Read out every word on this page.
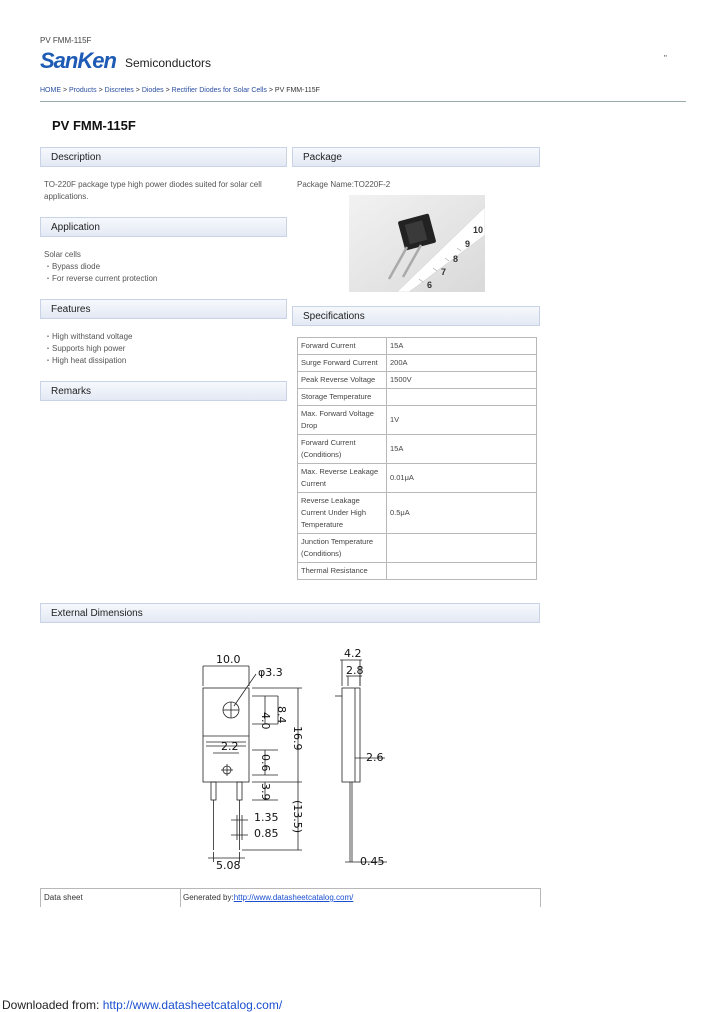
PV FMM-115F
SanKen Semiconductors	"
HOME > Products > Discretes > Diodes > Rectifier Diodes for Solar Cells > PV FMM-115F
PV FMM-115F
Description
TO-220F package type high power diodes suited for solar cell applications.
Application
Solar cells
・Bypass diode
・For reverse current protection
Features
・High withstand voltage
・Supports high power
・High heat dissipation
Remarks
Package
Package Name:TO220F-2
6
7
8
9
10
Specifications
Forward Current	15A
Surge Forward Current	200A
Peak Reverse Voltage	1500V
Storage Temperature	
Max. Forward Voltage Drop	1V
Forward Current (Conditions)	15A
Max. Reverse Leakage Current	0.01μA
Reverse Leakage Current Under High Temperature	0.5μA
Junction Temperature (Conditions)	
Thermal Resistance	
External Dimensions
10.0
φ3.3
4.0 8.4
16.9
2.2
0.6
3.9
(13.5)
1.35
0.85
5.08
4.2
2.8
2.6
0.45
Data sheet	Generated by:http://www.datasheetcatalog.com/
Downloaded from: http://www.datasheetcatalog.com/
